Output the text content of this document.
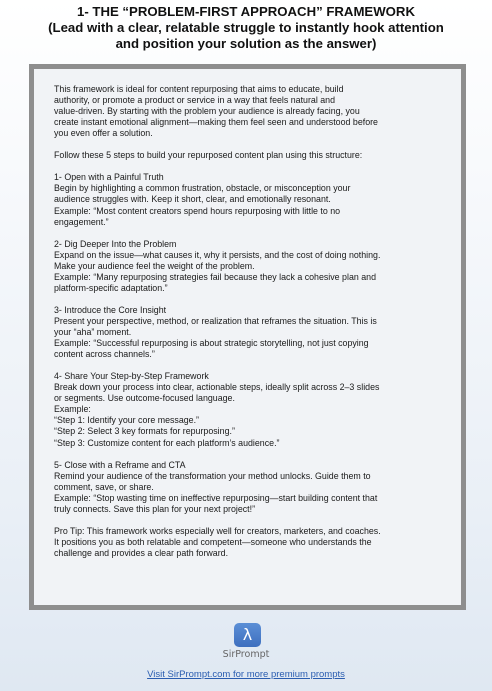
1- THE “PROBLEM-FIRST APPROACH” FRAMEWORK
(Lead with a clear, relatable struggle to instantly hook attention
and position your solution as the answer)

This framework is ideal for content repurposing that aims to educate, build
authority, or promote a product or service in a way that feels natural and
value-driven. By starting with the problem your audience is already facing, you
create instant emotional alignment—making them feel seen and understood before
you even offer a solution.

Follow these 5 steps to build your repurposed content plan using this structure:

1- Open with a Painful Truth
Begin by highlighting a common frustration, obstacle, or misconception your
audience struggles with. Keep it short, clear, and emotionally resonant.
Example: “Most content creators spend hours repurposing with little to no
engagement.”

2- Dig Deeper Into the Problem
Expand on the issue—what causes it, why it persists, and the cost of doing nothing.
Make your audience feel the weight of the problem.
Example: “Many repurposing strategies fail because they lack a cohesive plan and
platform-specific adaptation.”

3- Introduce the Core Insight
Present your perspective, method, or realization that reframes the situation. This is
your “aha” moment.
Example: “Successful repurposing is about strategic storytelling, not just copying
content across channels.”

4- Share Your Step-by-Step Framework
Break down your process into clear, actionable steps, ideally split across 2–3 slides
or segments. Use outcome-focused language.
Example:
“Step 1: Identify your core message.”
“Step 2: Select 3 key formats for repurposing.”
“Step 3: Customize content for each platform’s audience.”

5- Close with a Reframe and CTA
Remind your audience of the transformation your method unlocks. Guide them to
comment, save, or share.
Example: “Stop wasting time on ineffective repurposing—start building content that
truly connects. Save this plan for your next project!”

Pro Tip: This framework works especially well for creators, marketers, and coaches.
It positions you as both relatable and competent—someone who understands the
challenge and provides a clear path forward.

λ
SirPrompt
Visit SirPrompt.com for more premium prompts
